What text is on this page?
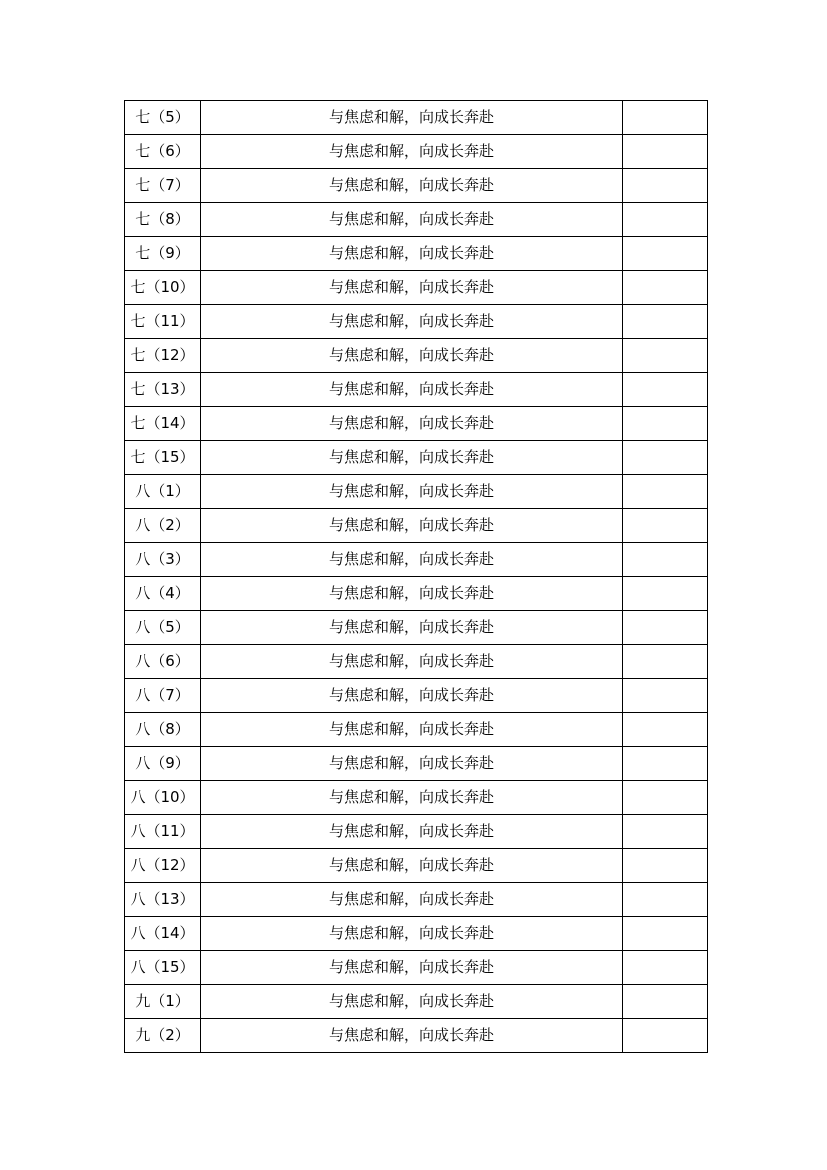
七（5）	与焦虑和解，向成长奔赴	
七（6）	与焦虑和解，向成长奔赴	
七（7）	与焦虑和解，向成长奔赴	
七（8）	与焦虑和解，向成长奔赴	
七（9）	与焦虑和解，向成长奔赴	
七（10）	与焦虑和解，向成长奔赴	
七（11）	与焦虑和解，向成长奔赴	
七（12）	与焦虑和解，向成长奔赴	
七（13）	与焦虑和解，向成长奔赴	
七（14）	与焦虑和解，向成长奔赴	
七（15）	与焦虑和解，向成长奔赴	
八（1）	与焦虑和解，向成长奔赴	
八（2）	与焦虑和解，向成长奔赴	
八（3）	与焦虑和解，向成长奔赴	
八（4）	与焦虑和解，向成长奔赴	
八（5）	与焦虑和解，向成长奔赴	
八（6）	与焦虑和解，向成长奔赴	
八（7）	与焦虑和解，向成长奔赴	
八（8）	与焦虑和解，向成长奔赴	
八（9）	与焦虑和解，向成长奔赴	
八（10）	与焦虑和解，向成长奔赴	
八（11）	与焦虑和解，向成长奔赴	
八（12）	与焦虑和解，向成长奔赴	
八（13）	与焦虑和解，向成长奔赴	
八（14）	与焦虑和解，向成长奔赴	
八（15）	与焦虑和解，向成长奔赴	
九（1）	与焦虑和解，向成长奔赴	
九（2）	与焦虑和解，向成长奔赴	
